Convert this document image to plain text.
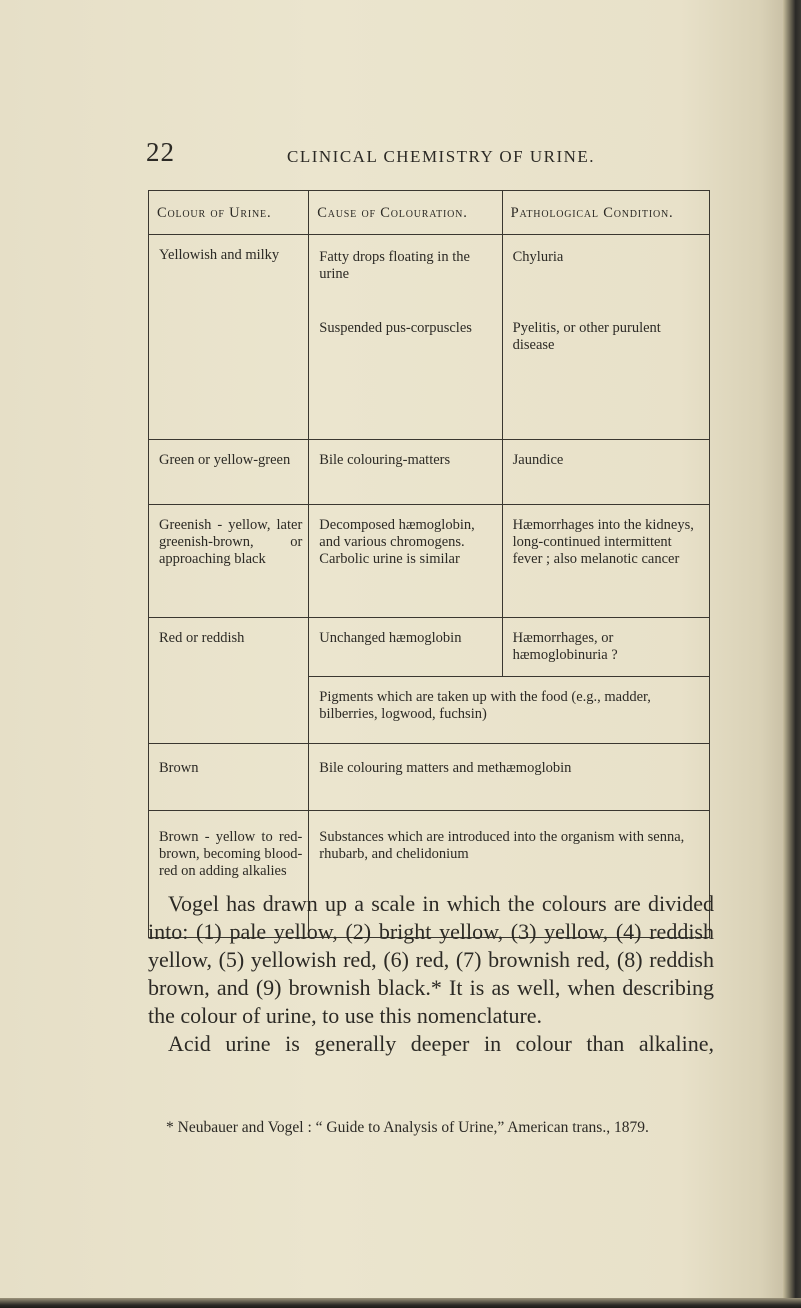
22	CLINICAL CHEMISTRY OF URINE.
Colour of Urine.	Cause of Colouration.	Pathological Condition.
Yellowish and milky	Fatty drops floating in the urine	Chyluria
	Suspended pus-corpuscles	Pyelitis, or other purulent disease
Green or yellow-green	Bile colouring-matters	Jaundice
Greenish - yellow, later greenish-brown, or approaching black	Decomposed hæmoglobin, and various chromogens. Carbolic urine is similar	Hæmorrhages into the kidneys, long-continued intermittent fever ; also melanotic cancer
Red or reddish	Unchanged hæmoglobin	Hæmorrhages, or hæmoglobinuria ?
	Pigments which are taken up with the food (e.g., madder, bilberries, logwood, fuchsin)	
Brown	Bile colouring matters and methæmoglobin	
Brown - yellow to red-brown, becoming blood-red on adding alkalies	Substances which are introduced into the organism with senna, rhubarb, and chelidonium	

Vogel has drawn up a scale in which the colours are divided into: (1) pale yellow, (2) bright yellow, (3) yellow, (4) reddish yellow, (5) yellowish red, (6) red, (7) brownish red, (8) reddish brown, and (9) brownish black.* It is as well, when describing the colour of urine, to use this nomenclature.

Acid urine is generally deeper in colour than alkaline,

* Neubauer and Vogel : “ Guide to Analysis of Urine,” American trans., 1879.
